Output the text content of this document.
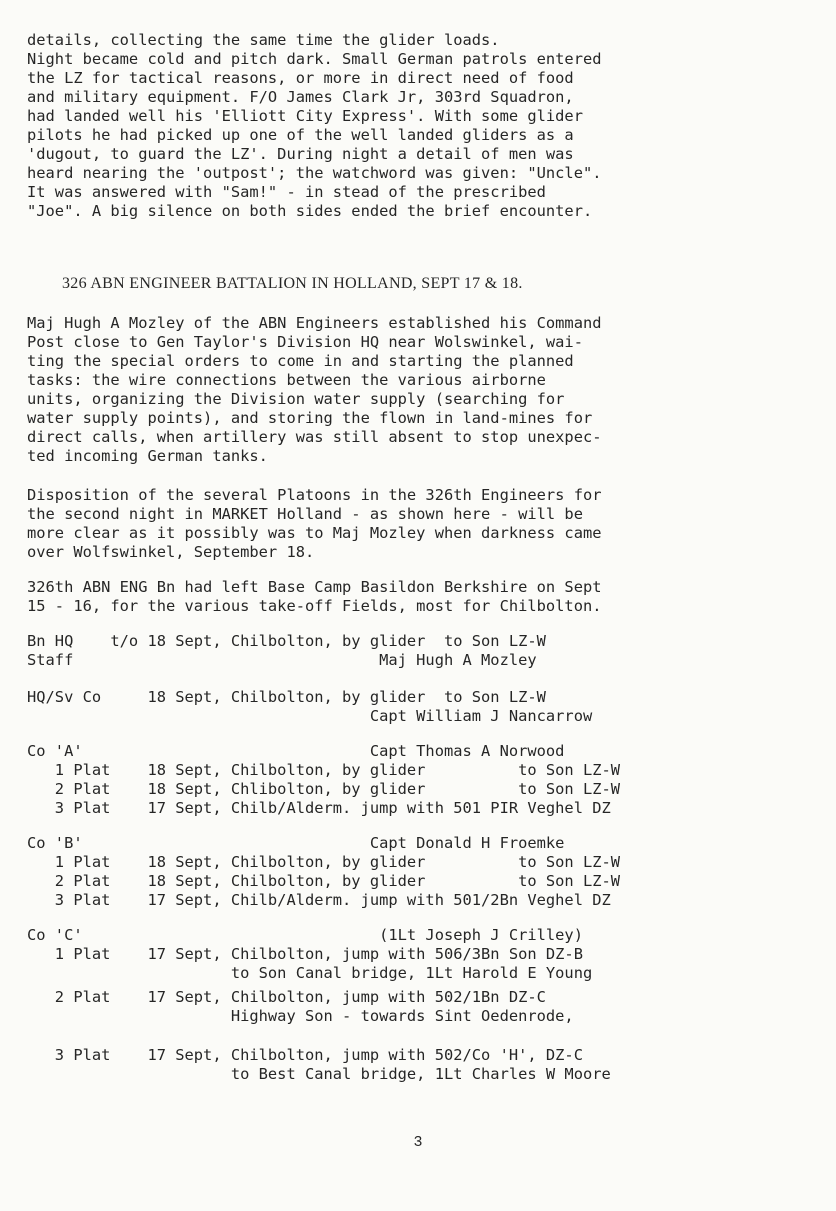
details, collecting the same time the glider loads.
Night became cold and pitch dark. Small German patrols entered
the LZ for tactical reasons, or more in direct need of food
and military equipment. F/O James Clark Jr, 303rd Squadron,
had landed well his 'Elliott City Express'. With some glider
pilots he had picked up one of the well landed gliders as a
'dugout, to guard the LZ'. During night a detail of men was
heard nearing the 'outpost'; the watchword was given: "Uncle".
It was answered with "Sam!" - in stead of the prescribed
"Joe". A big silence on both sides ended the brief encounter.
326 ABN ENGINEER BATTALION IN HOLLAND, SEPT 17 & 18.
Maj Hugh A Mozley of the ABN Engineers established his Command
Post close to Gen Taylor's Division HQ near Wolswinkel, wai-
ting the special orders to come in and starting the planned
tasks: the wire connections between the various airborne
units, organizing the Division water supply (searching for
water supply points), and storing the flown in land-mines for
direct calls, when artillery was still absent to stop unexpec-
ted incoming German tanks.
Disposition of the several Platoons in the 326th Engineers for
the second night in MARKET Holland - as shown here - will be
more clear as it possibly was to Maj Mozley when darkness came
over Wolfswinkel, September 18.
326th ABN ENG Bn had left Base Camp Basildon Berkshire on Sept
15 - 16, for the various take-off Fields, most for Chilbolton.
Bn HQ    t/o 18 Sept, Chilbolton, by glider  to Son LZ-W
Staff                                 Maj Hugh A Mozley
HQ/Sv Co     18 Sept, Chilbolton, by glider  to Son LZ-W
Capt William J Nancarrow
Co 'A'                               Capt Thomas A Norwood
1 Plat    18 Sept, Chilbolton, by glider          to Son LZ-W
2 Plat    18 Sept, Chlibolton, by glider          to Son LZ-W
3 Plat    17 Sept, Chilb/Alderm. jump with 501 PIR Veghel DZ
Co 'B'                               Capt Donald H Froemke
1 Plat    18 Sept, Chilbolton, by glider          to Son LZ-W
2 Plat    18 Sept, Chilbolton, by glider          to Son LZ-W
3 Plat    17 Sept, Chilb/Alderm. jump with 501/2Bn Veghel DZ
Co 'C'                                (1Lt Joseph J Crilley)
1 Plat    17 Sept, Chilbolton, jump with 506/3Bn Son DZ-B
to Son Canal bridge, 1Lt Harold E Young
2 Plat    17 Sept, Chilbolton, jump with 502/1Bn DZ-C
Highway Son - towards Sint Oedenrode,
3 Plat    17 Sept, Chilbolton, jump with 502/Co 'H', DZ-C
to Best Canal bridge, 1Lt Charles W Moore
3
